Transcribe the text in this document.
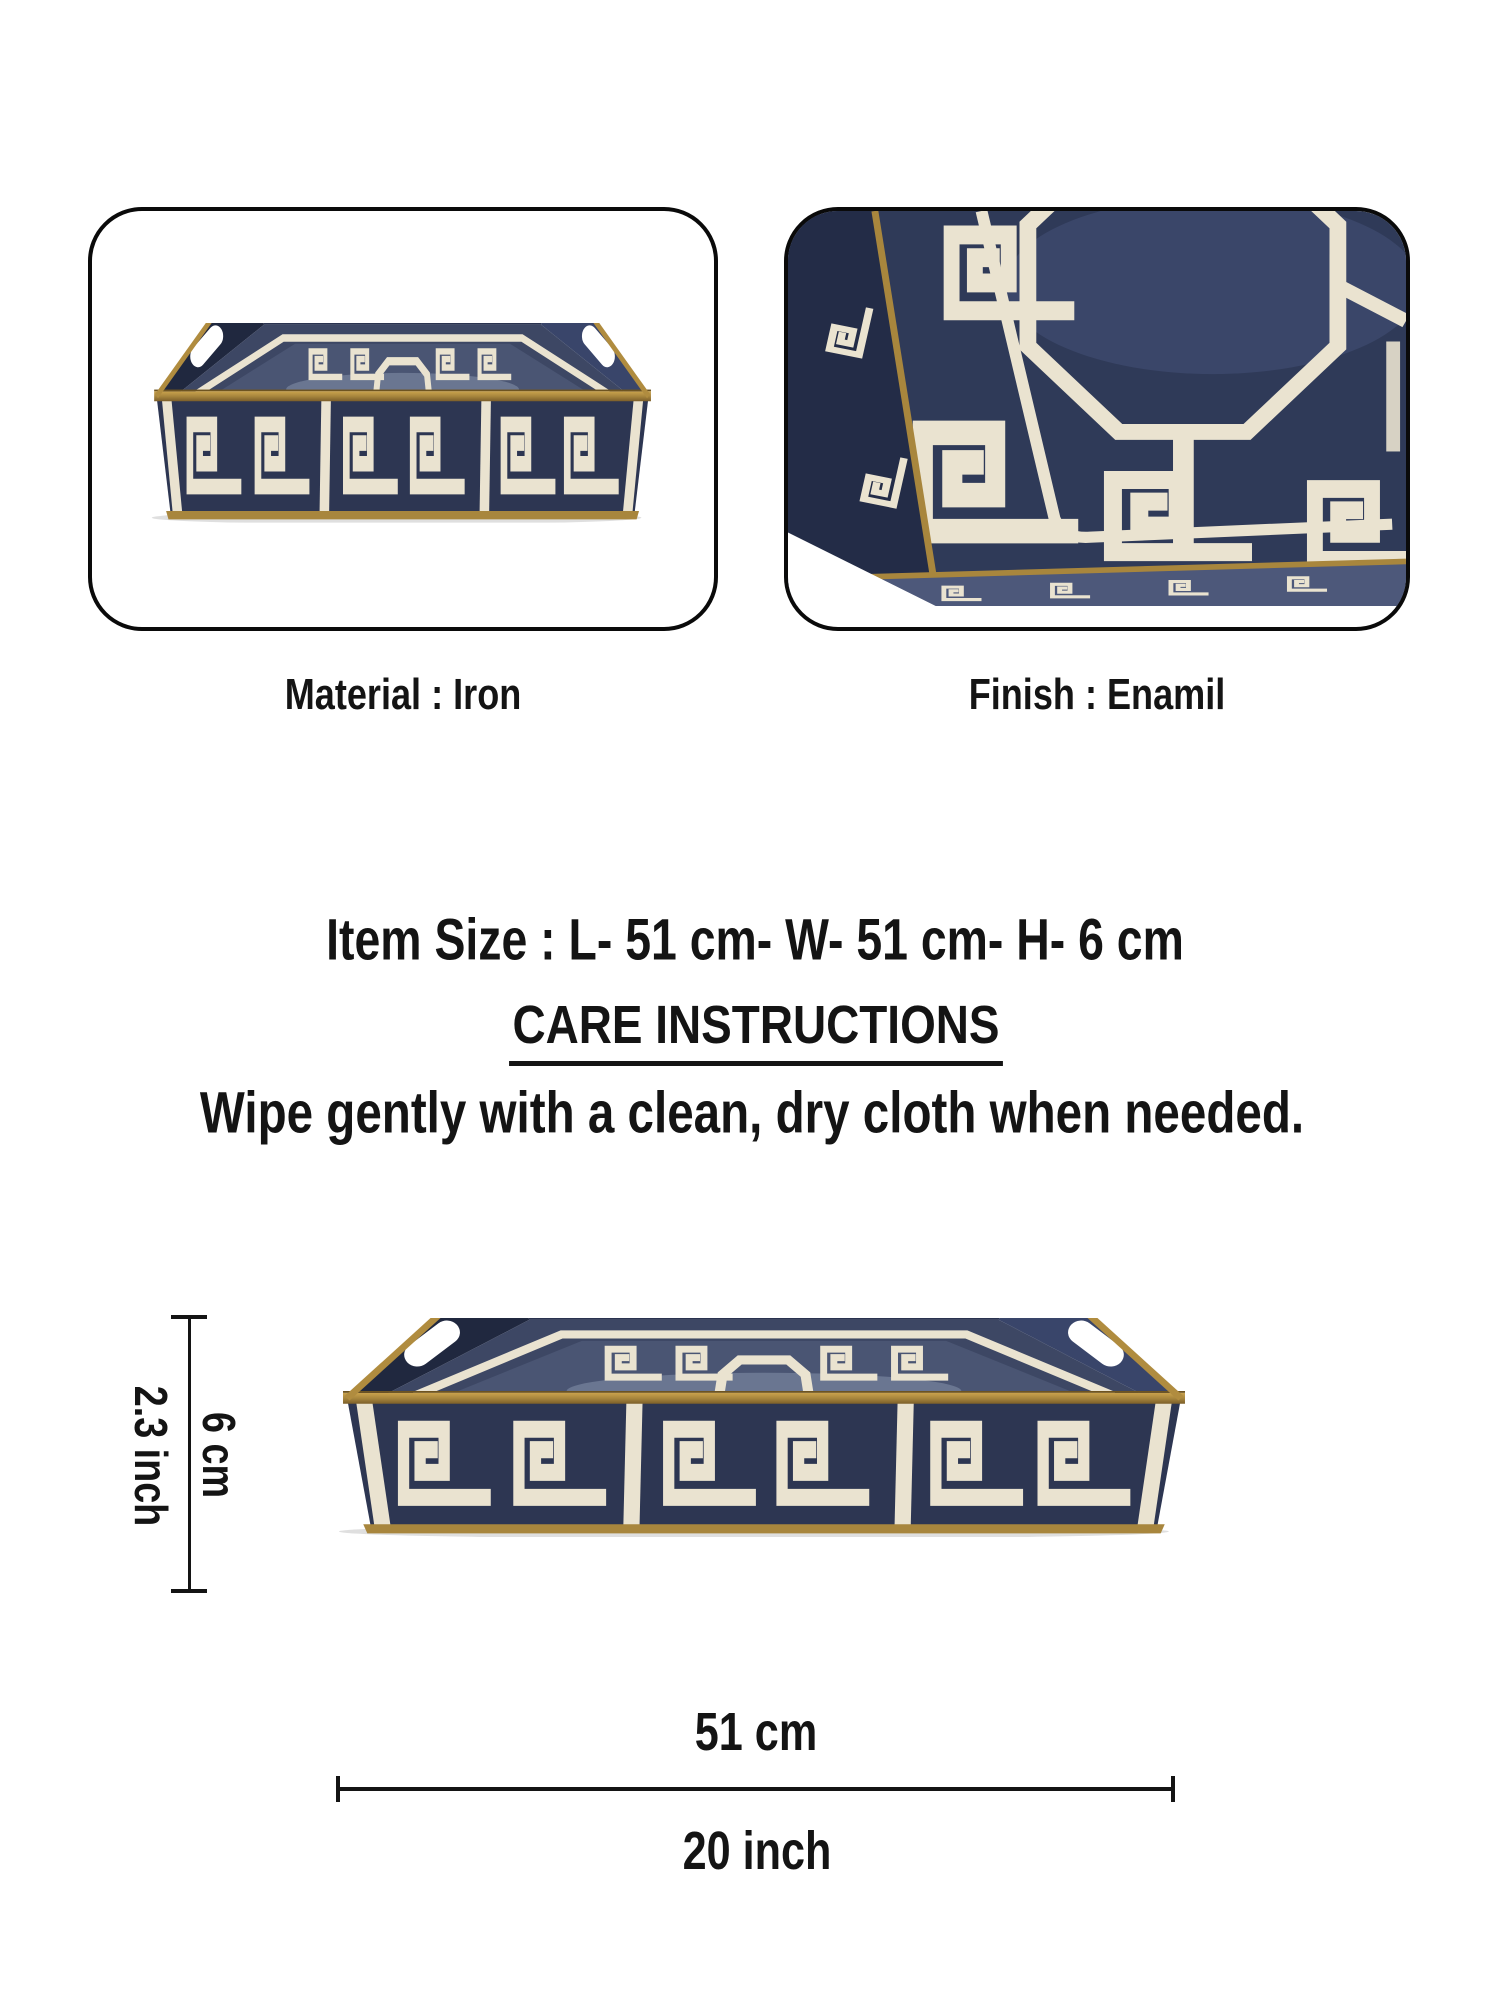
Material : Iron	Finish : Enamil
Item Size : L- 51 cm- W- 51 cm- H- 6 cm
CARE INSTRUCTIONS
Wipe gently with a clean, dry cloth when needed.
6 cm
2.3 inch
51 cm
20 inch
